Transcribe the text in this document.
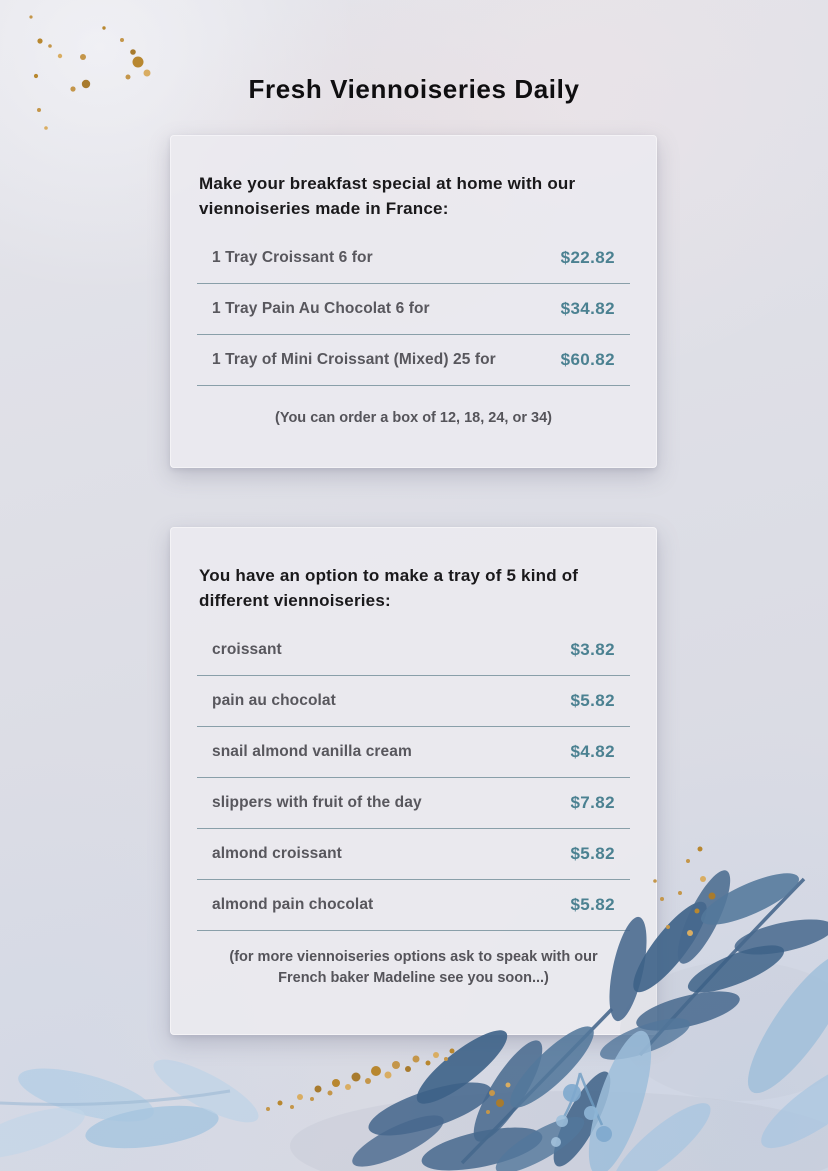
Fresh Viennoiseries Daily

Make your breakfast special at home with our viennoiseries made in France:

1 Tray Croissant 6 for	$22.82
1 Tray Pain Au Chocolat 6 for	$34.82
1 Tray of Mini Croissant (Mixed) 25 for	$60.82

(You can order a box of 12, 18, 24, or 34)

You have an option to make a tray of 5 kind of different viennoiseries:

croissant	$3.82
pain au chocolat	$5.82
snail almond vanilla cream	$4.82
slippers with fruit of the day	$7.82
almond croissant	$5.82
almond pain chocolat	$5.82

(for more viennoiseries options ask to speak with our French baker Madeline see you soon...)
